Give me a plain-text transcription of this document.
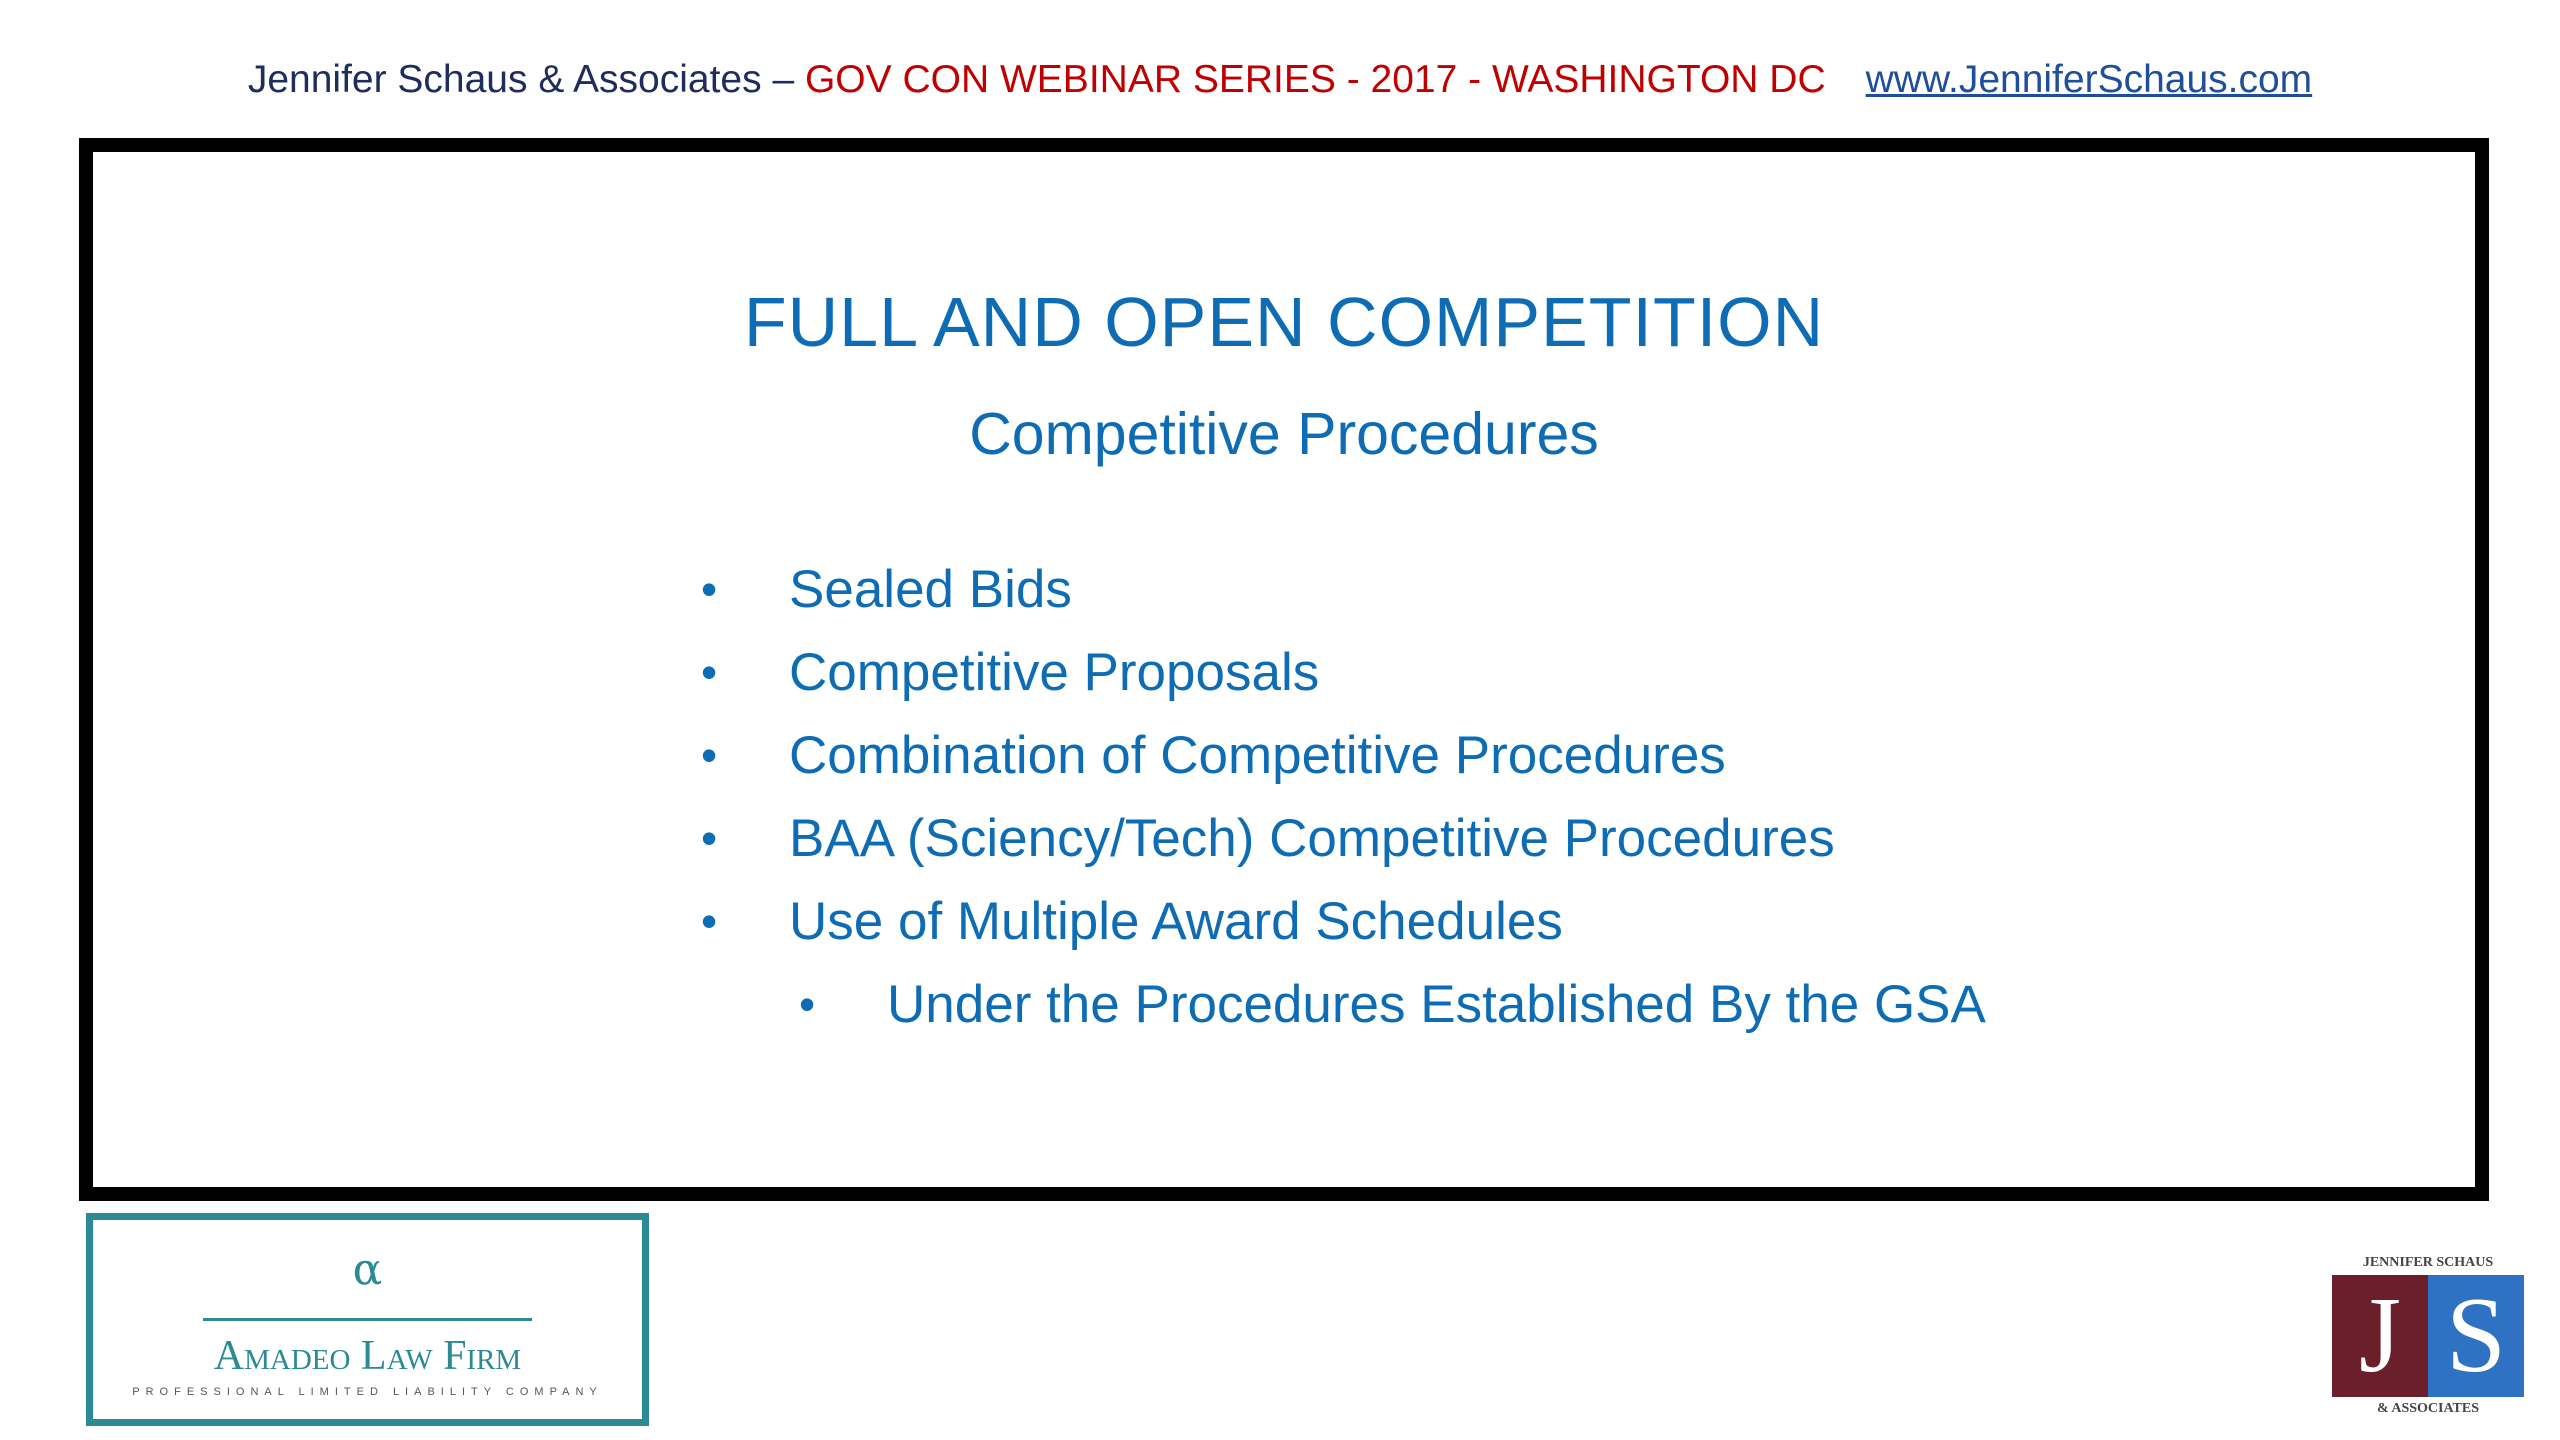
Jennifer Schaus & Associates – GOV CON WEBINAR SERIES - 2017 - WASHINGTON DC www.JenniferSchaus.com
FULL AND OPEN COMPETITION
Competitive Procedures
• Sealed Bids
• Competitive Proposals
• Combination of Competitive Procedures
• BAA (Sciency/Tech) Competitive Procedures
• Use of Multiple Award Schedules
• Under the Procedures Established By the GSA
α
Amadeo Law Firm
PROFESSIONAL LIMITED LIABILITY COMPANY
JENNIFER SCHAUS
J S
& ASSOCIATES
